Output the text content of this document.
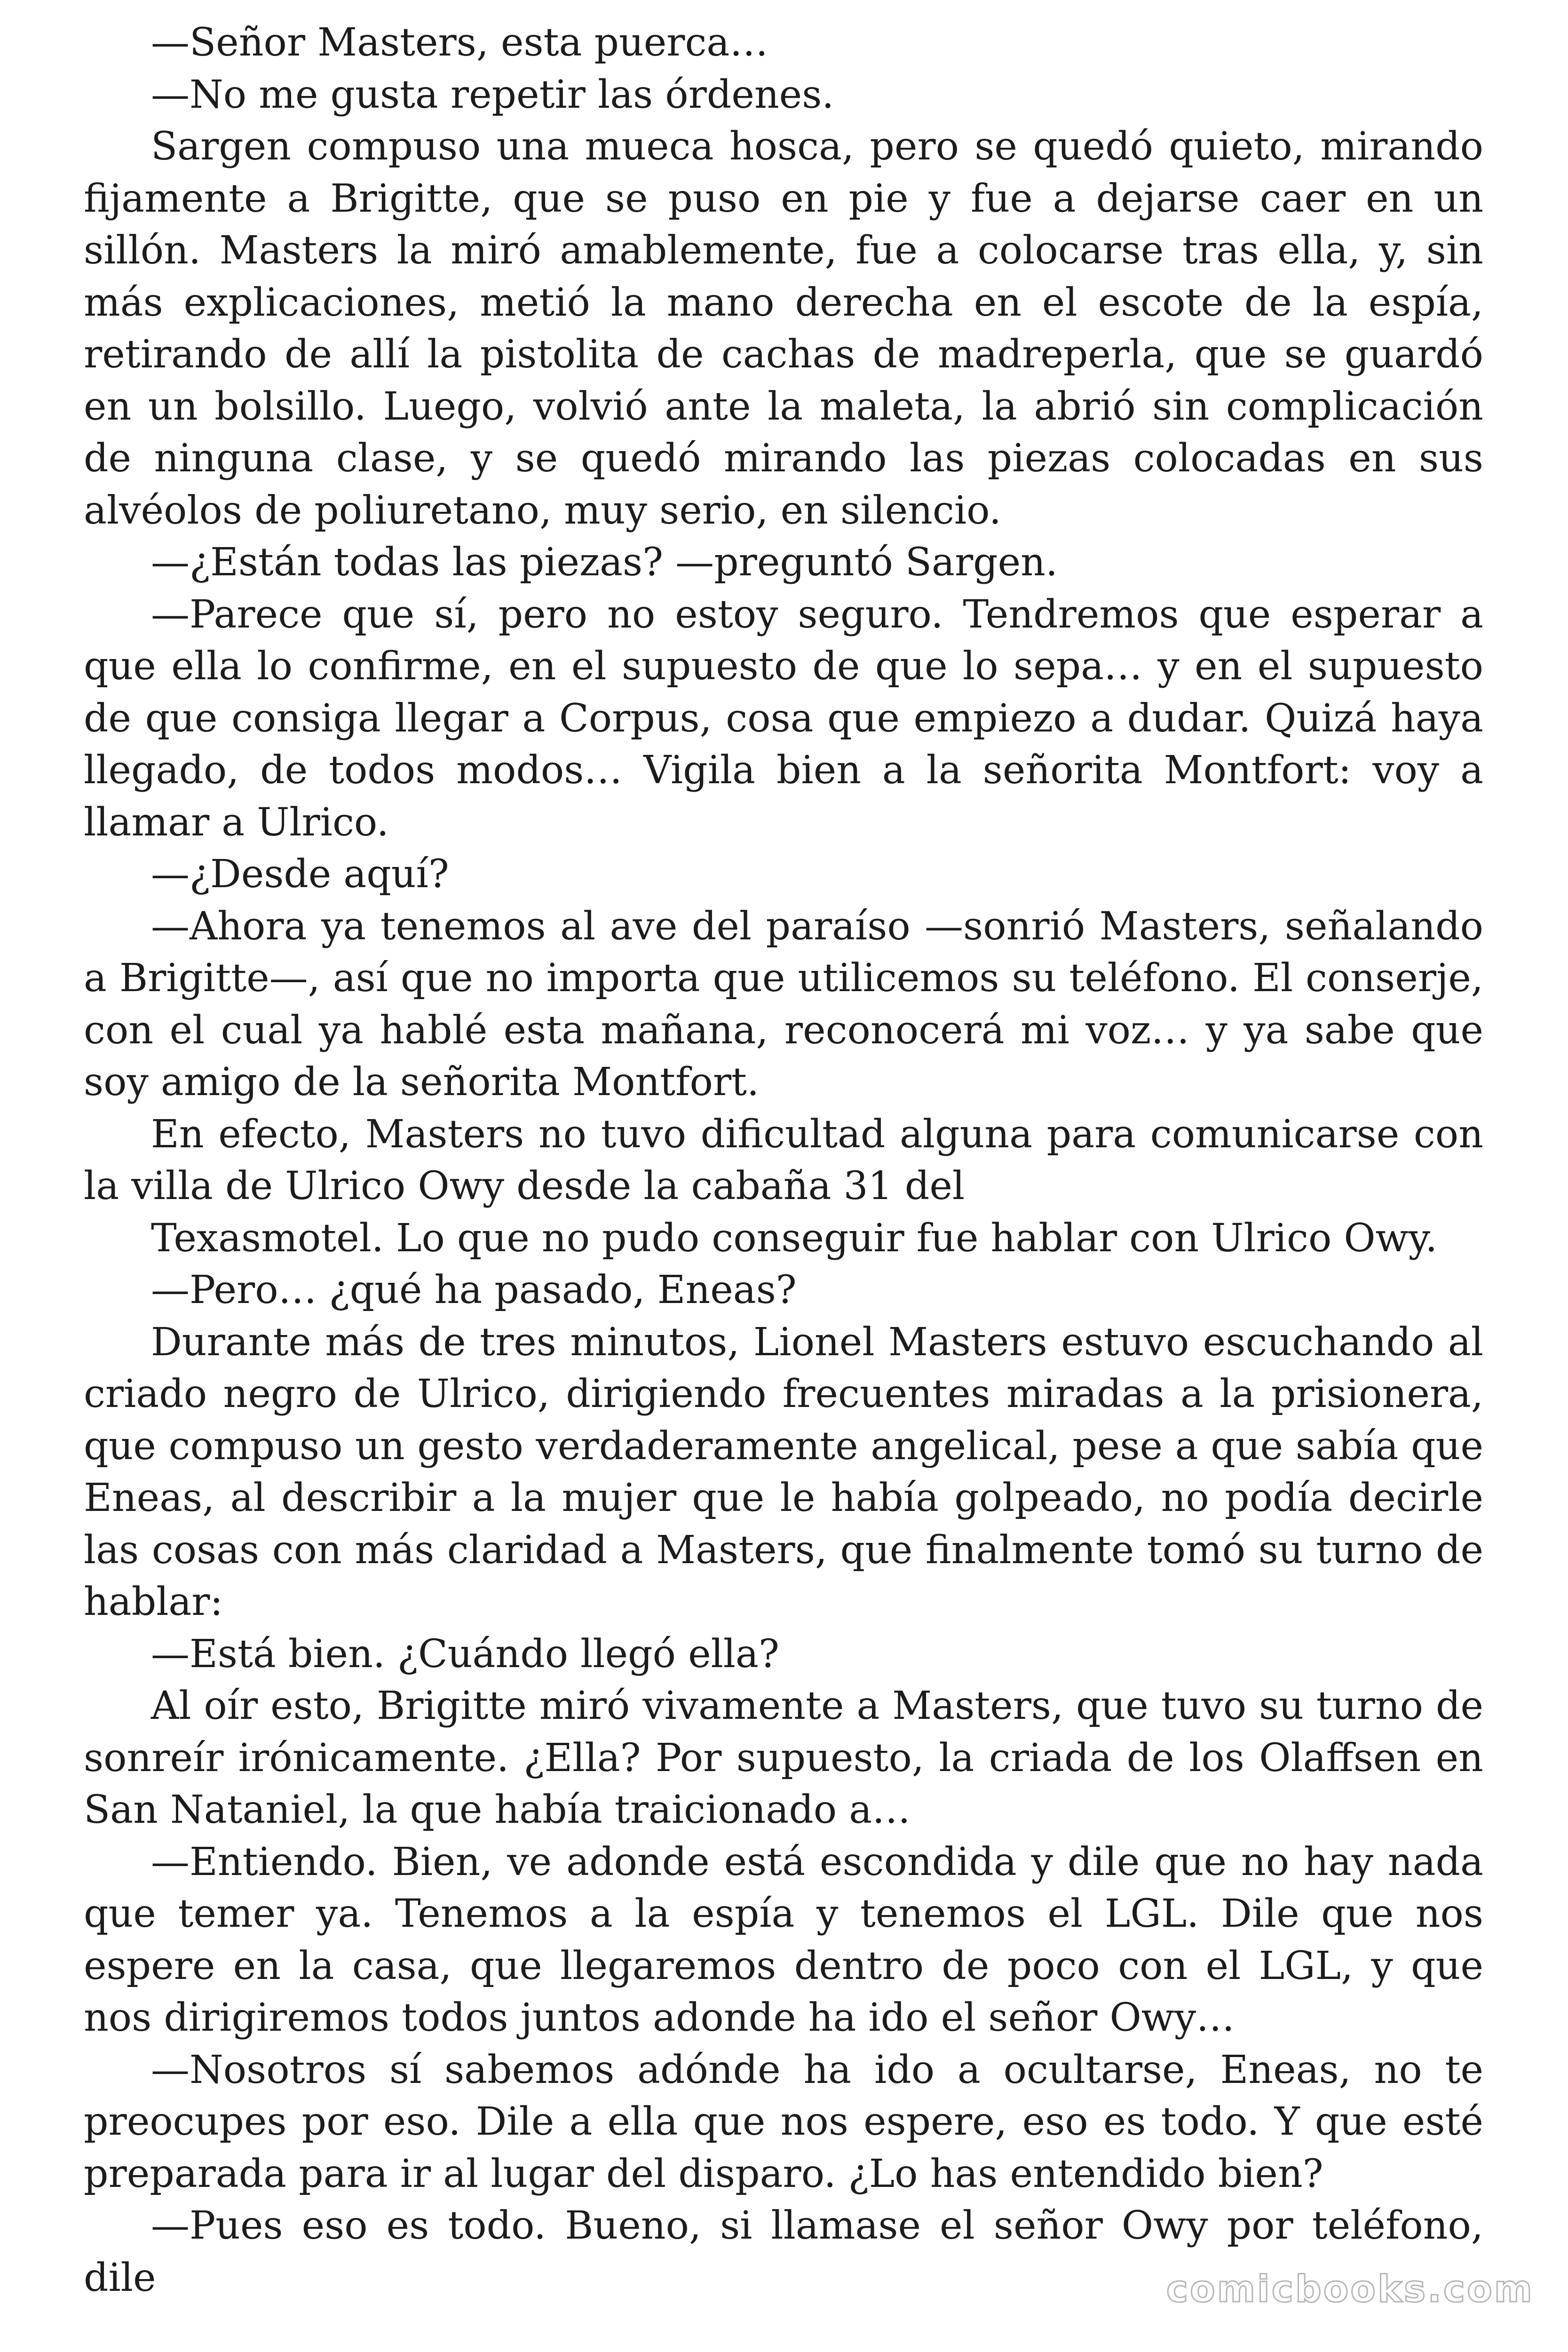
—Señor Masters, esta puerca…

—No me gusta repetir las órdenes.

Sargen compuso una mueca hosca, pero se quedó quieto, mirando fijamente a Brigitte, que se puso en pie y fue a dejarse caer en un sillón. Masters la miró amablemente, fue a colocarse tras ella, y, sin más explicaciones, metió la mano derecha en el escote de la espía, retirando de allí la pistolita de cachas de madreperla, que se guardó en un bolsillo. Luego, volvió ante la maleta, la abrió sin complicación de ninguna clase, y se quedó mirando las piezas colocadas en sus alvéolos de poliuretano, muy serio, en silencio.

—¿Están todas las piezas? —preguntó Sargen.

—Parece que sí, pero no estoy seguro. Tendremos que esperar a que ella lo confirme, en el supuesto de que lo sepa… y en el supuesto de que consiga llegar a Corpus, cosa que empiezo a dudar. Quizá haya llegado, de todos modos… Vigila bien a la señorita Montfort: voy a llamar a Ulrico.

—¿Desde aquí?

—Ahora ya tenemos al ave del paraíso —sonrió Masters, señalando a Brigitte—, así que no importa que utilicemos su teléfono. El conserje, con el cual ya hablé esta mañana, reconocerá mi voz… y ya sabe que soy amigo de la señorita Montfort.

En efecto, Masters no tuvo dificultad alguna para comunicarse con la villa de Ulrico Owy desde la cabaña 31 del

Texasmotel. Lo que no pudo conseguir fue hablar con Ulrico Owy.

—Pero… ¿qué ha pasado, Eneas?

Durante más de tres minutos, Lionel Masters estuvo escuchando al criado negro de Ulrico, dirigiendo frecuentes miradas a la prisionera, que compuso un gesto verdaderamente angelical, pese a que sabía que Eneas, al describir a la mujer que le había golpeado, no podía decirle las cosas con más claridad a Masters, que finalmente tomó su turno de hablar:

—Está bien. ¿Cuándo llegó ella?

Al oír esto, Brigitte miró vivamente a Masters, que tuvo su turno de sonreír irónicamente. ¿Ella? Por supuesto, la criada de los Olaffsen en San Nataniel, la que había traicionado a…

—Entiendo. Bien, ve adonde está escondida y dile que no hay nada que temer ya. Tenemos a la espía y tenemos el LGL. Dile que nos espere en la casa, que llegaremos dentro de poco con el LGL, y que nos dirigiremos todos juntos adonde ha ido el señor Owy…

—Nosotros sí sabemos adónde ha ido a ocultarse, Eneas, no te preocupes por eso. Dile a ella que nos espere, eso es todo. Y que esté preparada para ir al lugar del disparo. ¿Lo has entendido bien?

—Pues eso es todo. Bueno, si llamase el señor Owy por teléfono, dile	comicbooks.com
